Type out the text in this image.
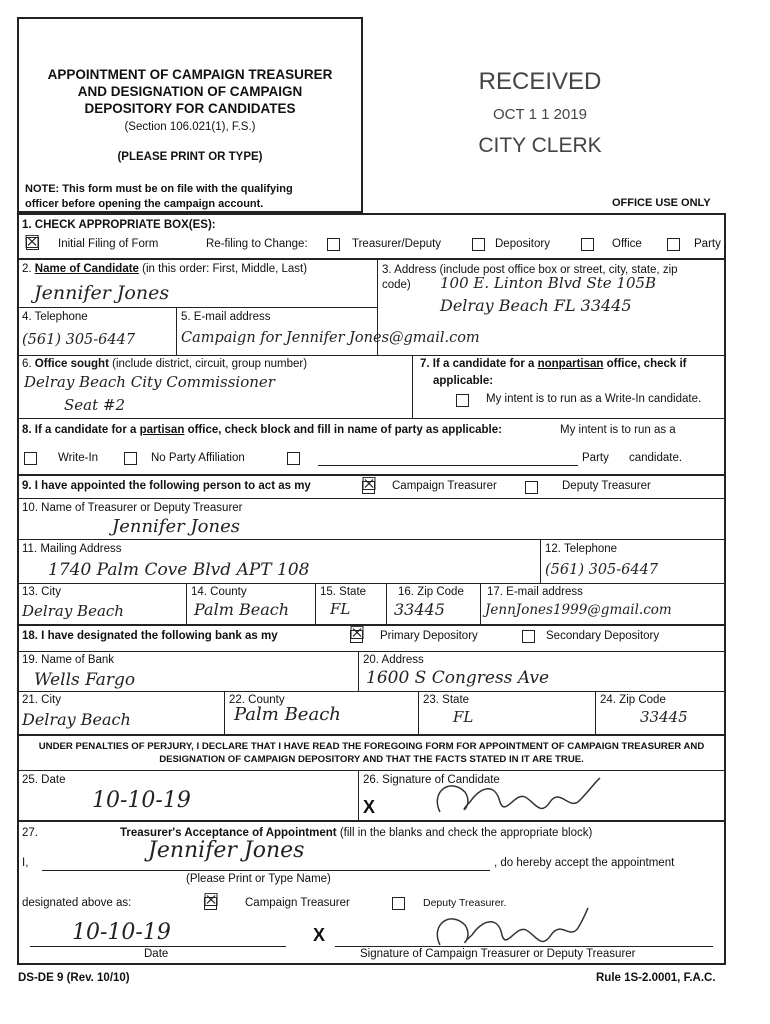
APPOINTMENT OF CAMPAIGN TREASURER
AND DESIGNATION OF CAMPAIGN
DEPOSITORY FOR CANDIDATES
(Section 106.021(1), F.S.)
(PLEASE PRINT OR TYPE)
NOTE: This form must be on file with the qualifying
officer before opening the campaign account.
RECEIVED
OCT 1 1 2019
CITY CLERK
OFFICE USE ONLY
1. CHECK APPROPRIATE BOX(ES):
☒ Initial Filing of Form	Re-filing to Change:	Treasurer/Deputy	Depository	Office	Party
2. Name of Candidate (in this order: First, Middle, Last)
Jennifer Jones
3. Address (include post office box or street, city, state, zip
code)	100 E. Linton Blvd Ste 105B
Delray Beach FL 33445
4. Telephone	5. E-mail address
(561) 305-6447	Campaign for Jennifer Jones@gmail.com
6. Office sought (include district, circuit, group number)
Delray Beach City Commissioner
Seat #2
7. If a candidate for a nonpartisan office, check if
applicable:
My intent is to run as a Write-In candidate.
8. If a candidate for a partisan office, check block and fill in name of party as applicable:	My intent is to run as a
Write-In	No Party Affiliation	Party candidate.
9. I have appointed the following person to act as my	☒ Campaign Treasurer	Deputy Treasurer
10. Name of Treasurer or Deputy Treasurer
Jennifer Jones
11. Mailing Address
1740 Palm Cove Blvd APT 108
12. Telephone
(561) 305-6447
13. City	14. County	15. State	16. Zip Code 17. E-mail address
Delray Beach	Palm Beach	FL	33445	JennJones1999@gmail.com
18. I have designated the following bank as my	☒ Primary Depository	Secondary Depository
19. Name of Bank
Wells Fargo
20. Address
1600 S Congress Ave
21. City	22. County	23. State	24. Zip Code
Delray Beach	Palm Beach	FL	33445
UNDER PENALTIES OF PERJURY, I DECLARE THAT I HAVE READ THE FOREGOING FORM FOR APPOINTMENT OF CAMPAIGN TREASURER AND
DESIGNATION OF CAMPAIGN DEPOSITORY AND THAT THE FACTS STATED IN IT ARE TRUE.
25. Date
10-10-19
26. Signature of Candidate
X
27.	Treasurer's Acceptance of Appointment (fill in the blanks and check the appropriate block)
I,	Jennifer Jones	, do hereby accept the appointment
(Please Print or Type Name)
designated above as:	☒ Campaign Treasurer	Deputy Treasurer.
10-10-19
Date
X
Signature of Campaign Treasurer or Deputy Treasurer
DS-DE 9 (Rev. 10/10)	Rule 1S-2.0001, F.A.C.
